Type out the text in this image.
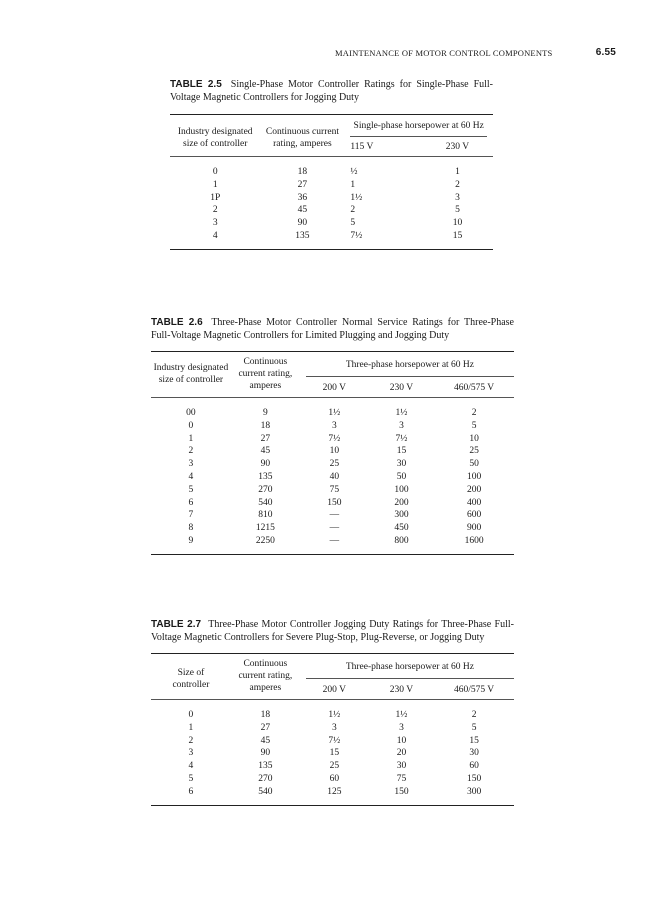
MAINTENANCE OF MOTOR CONTROL COMPONENTS	6.55
TABLE 2.5 Single-Phase Motor Controller Ratings for Single-Phase Full-Voltage Magnetic Controllers for Jogging Duty
Industry designated size of controller	Continuous current rating, amperes	Single-phase horsepower at 60 Hz	

		115 V	230 V
0	18	½	1
1	27	1	2
1P	36	1½	3
2	45	2	5
3	90	5	10
4	135	7½	15
TABLE 2.6 Three-Phase Motor Controller Normal Service Ratings for Three-Phase Full-Voltage Magnetic Controllers for Limited Plugging and Jogging Duty
Industry designated size of controller	Continuous current rating, amperes	Three-phase horsepower at 60 Hz		

		200 V	230 V	460/575 V
00	9	1½	1½	2
0	18	3	3	5
1	27	7½	7½	10
2	45	10	15	25
3	90	25	30	50
4	135	40	50	100
5	270	75	100	200
6	540	150	200	400
7	810	—	300	600
8	1215	—	450	900
9	2250	—	800	1600
TABLE 2.7 Three-Phase Motor Controller Jogging Duty Ratings for Three-Phase Full-Voltage Magnetic Controllers for Severe Plug-Stop, Plug-Reverse, or Jogging Duty
Size of controller	Continuous current rating, amperes	Three-phase horsepower at 60 Hz		

		200 V	230 V	460/575 V
0	18	1½	1½	2
1	27	3	3	5
2	45	7½	10	15
3	90	15	20	30
4	135	25	30	60
5	270	60	75	150
6	540	125	150	300
